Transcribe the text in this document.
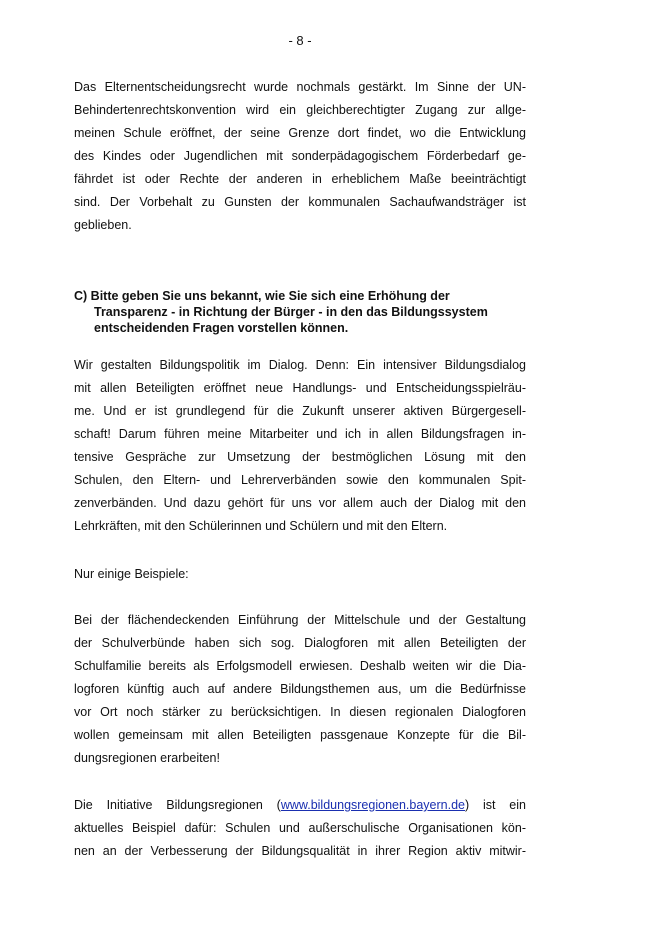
- 8 -
Das Elternentscheidungsrecht wurde nochmals gestärkt. Im Sinne der UN-
Behindertenrechtskonvention wird ein gleichberechtigter Zugang zur allge-
meinen Schule eröffnet, der seine Grenze dort findet, wo die Entwicklung
des Kindes oder Jugendlichen mit sonderpädagogischem Förderbedarf ge-
fährdet ist oder Rechte der anderen in erheblichem Maße beeinträchtigt
sind. Der Vorbehalt zu Gunsten der kommunalen Sachaufwandsträger ist
geblieben.
C) Bitte geben Sie uns bekannt, wie Sie sich eine Erhöhung der
Transparenz - in Richtung der Bürger - in den das Bildungssystem
entscheidenden Fragen vorstellen können.
Wir gestalten Bildungspolitik im Dialog. Denn: Ein intensiver Bildungsdialog
mit allen Beteiligten eröffnet neue Handlungs- und Entscheidungsspielräu-
me. Und er ist grundlegend für die Zukunft unserer aktiven Bürgergesell-
schaft! Darum führen meine Mitarbeiter und ich in allen Bildungsfragen in-
tensive Gespräche zur Umsetzung der bestmöglichen Lösung mit den
Schulen, den Eltern- und Lehrerverbänden sowie den kommunalen Spit-
zenverbänden. Und dazu gehört für uns vor allem auch der Dialog mit den
Lehrkräften, mit den Schülerinnen und Schülern und mit den Eltern.
Nur einige Beispiele:
Bei der flächendeckenden Einführung der Mittelschule und der Gestaltung
der Schulverbünde haben sich sog. Dialogforen mit allen Beteiligten der
Schulfamilie bereits als Erfolgsmodell erwiesen. Deshalb weiten wir die Dia-
logforen künftig auch auf andere Bildungsthemen aus, um die Bedürfnisse
vor Ort noch stärker zu berücksichtigen. In diesen regionalen Dialogforen
wollen gemeinsam mit allen Beteiligten passgenaue Konzepte für die Bil-
dungsregionen erarbeiten!
Die Initiative Bildungsregionen (www.bildungsregionen.bayern.de) ist ein
aktuelles Beispiel dafür: Schulen und außerschulische Organisationen kön-
nen an der Verbesserung der Bildungsqualität in ihrer Region aktiv mitwir-
